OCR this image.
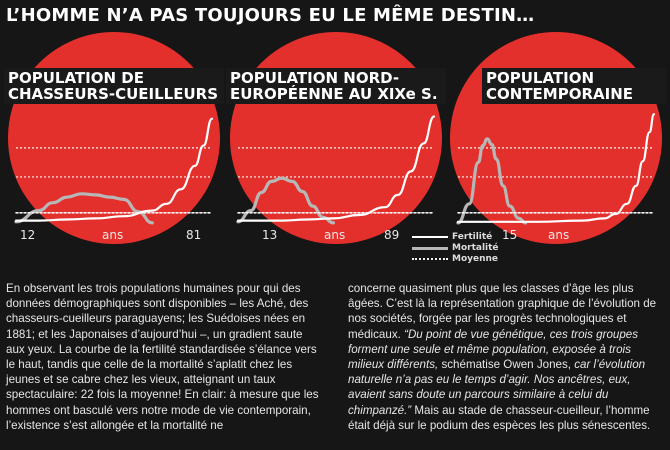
L’HOMME N’A PAS TOUJOURS EU LE MÊME DESTIN…
POPULATION DE CHASSEURS-CUEILLEURS
12	ans	81
POPULATION NORD-EUROPÉENNE AU XIXe S.
13	ans	89
POPULATION CONTEMPORAINE
15	ans
Fertilité
Mortalité
Moyenne

En observant les trois populations humaines pour qui des données démographiques sont disponibles – les Aché, des chasseurs-cueilleurs paraguayens; les Suédoises nées en 1881; et les Japonaises d’aujourd’hui –, un gradient saute aux yeux. La courbe de la fertilité standardisée s’élance vers le haut, tandis que celle de la mortalité s’aplatit chez les jeunes et se cabre chez les vieux, atteignant un taux spectaculaire: 22 fois la moyenne! En clair: à mesure que les hommes ont basculé vers notre mode de vie contemporain, l’existence s’est allongée et la mortalité ne

concerne quasiment plus que les classes d’âge les plus âgées. C’est là la représentation graphique de l’évolution de nos sociétés, forgée par les progrès technologiques et médicaux. “Du point de vue génétique, ces trois groupes forment une seule et même population, exposée à trois milieux différents, schématise Owen Jones, car l’évolution naturelle n’a pas eu le temps d’agir. Nos ancêtres, eux, avaient sans doute un parcours similaire à celui du chimpanzé.” Mais au stade de chasseur-cueilleur, l’homme était déjà sur le podium des espèces les plus sénescentes.
